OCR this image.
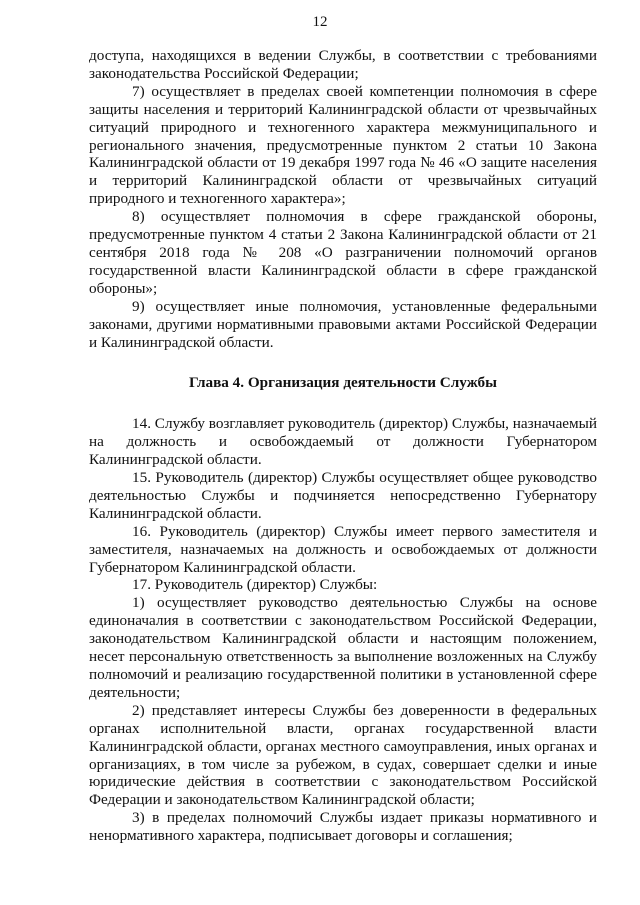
12

доступа, находящихся в ведении Службы, в соответствии с требованиями законодательства Российской Федерации;

7) осуществляет в пределах своей компетенции полномочия в сфере защиты населения и территорий Калининградской области от чрезвычайных ситуаций природного и техногенного характера межмуниципального и регионального значения, предусмотренные пунктом 2 статьи 10 Закона Калининградской области от 19 декабря 1997 года № 46 «О защите населения и территорий Калининградской области от чрезвычайных ситуаций природного и техногенного характера»;

8) осуществляет полномочия в сфере гражданской обороны, предусмотренные пунктом 4 статьи 2 Закона Калининградской области от 21 сентября 2018 года № 208 «О разграничении полномочий органов государственной власти Калининградской области в сфере гражданской обороны»;

9) осуществляет иные полномочия, установленные федеральными законами, другими нормативными правовыми актами Российской Федерации и Калининградской области.

Глава 4. Организация деятельности Службы

14. Службу возглавляет руководитель (директор) Службы, назначаемый на должность и освобождаемый от должности Губернатором Калининградской области.

15. Руководитель (директор) Службы осуществляет общее руководство деятельностью Службы и подчиняется непосредственно Губернатору Калининградской области.

16. Руководитель (директор) Службы имеет первого заместителя и заместителя, назначаемых на должность и освобождаемых от должности Губернатором Калининградской области.

17. Руководитель (директор) Службы:

1) осуществляет руководство деятельностью Службы на основе единоначалия в соответствии с законодательством Российской Федерации, законодательством Калининградской области и настоящим положением, несет персональную ответственность за выполнение возложенных на Службу полномочий и реализацию государственной политики в установленной сфере деятельности;

2) представляет интересы Службы без доверенности в федеральных органах исполнительной власти, органах государственной власти Калининградской области, органах местного самоуправления, иных органах и организациях, в том числе за рубежом, в судах, совершает сделки и иные юридические действия в соответствии с законодательством Российской Федерации и законодательством Калининградской области;

3) в пределах полномочий Службы издает приказы нормативного и ненормативного характера, подписывает договоры и соглашения;
